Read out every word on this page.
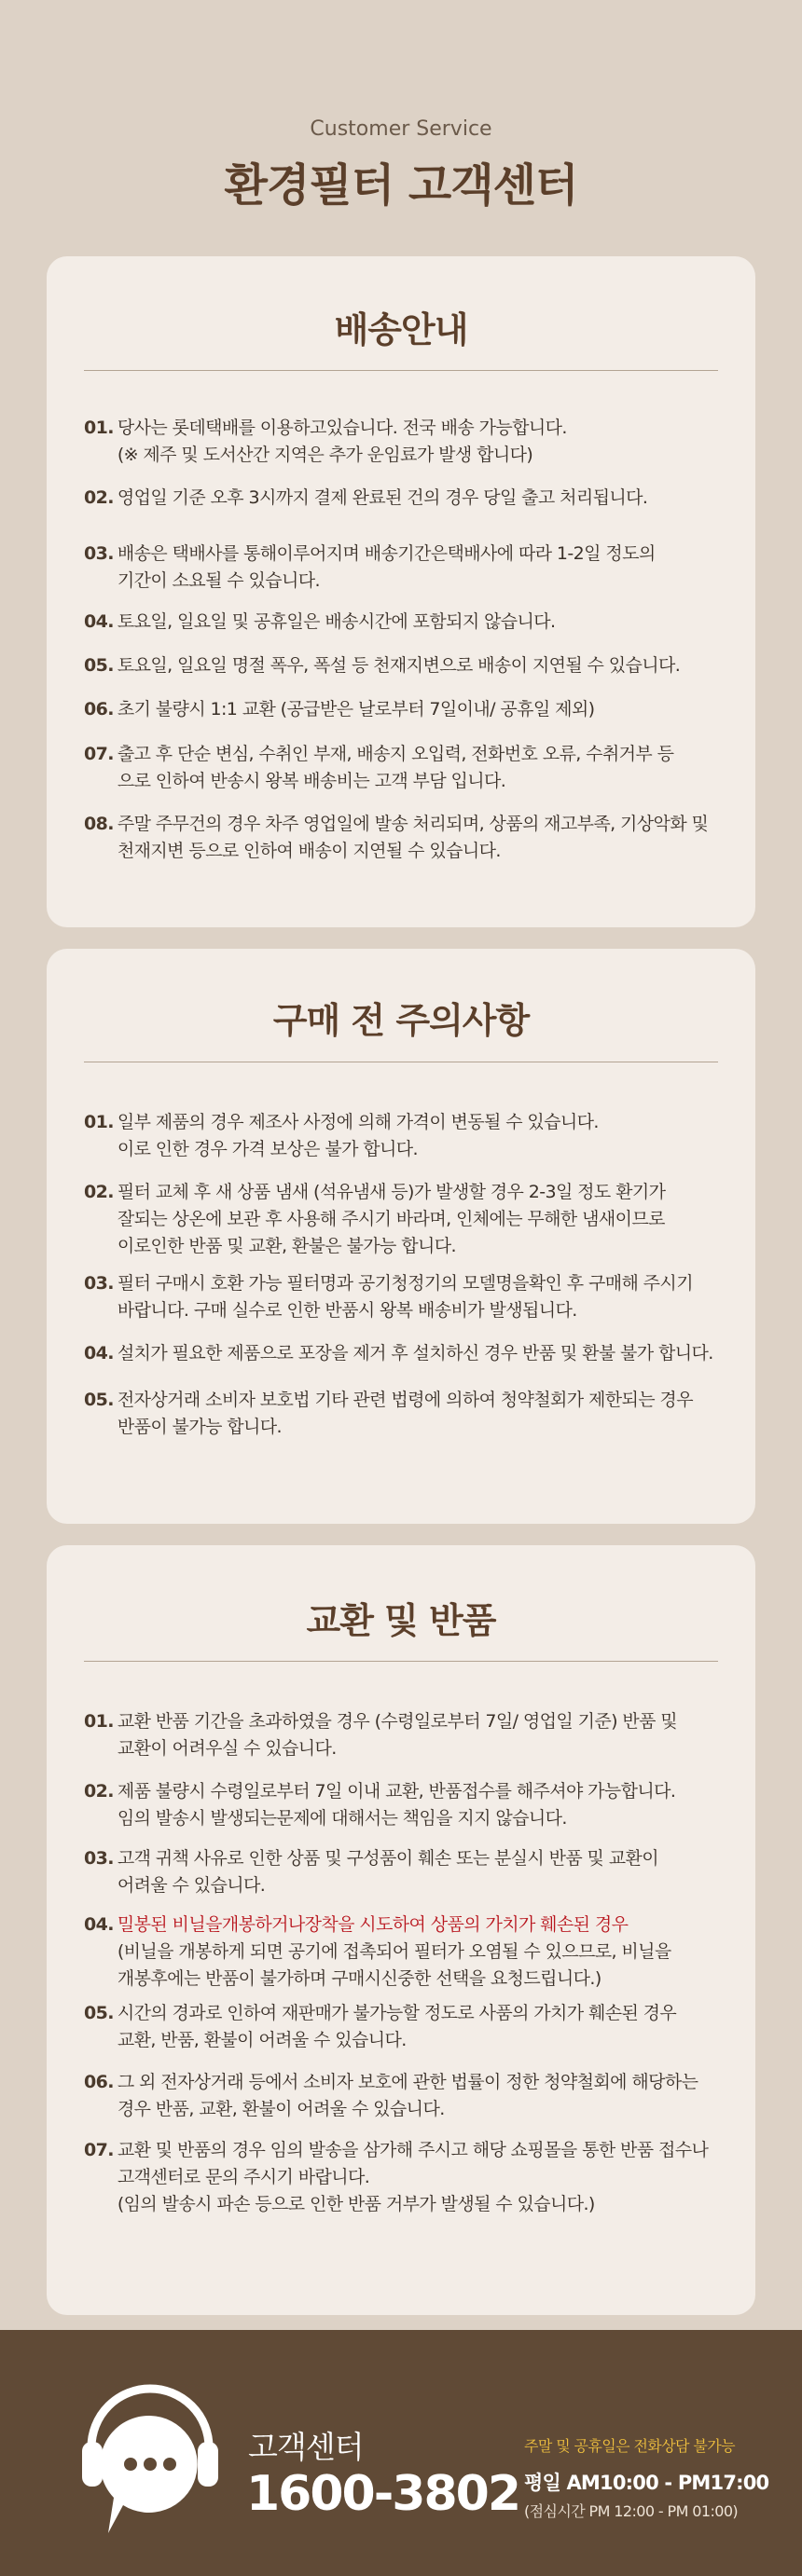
Customer Service
환경필터 고객센터
배송안내
01. 당사는 롯데택배를 이용하고있습니다. 전국 배송 가능합니다.
(※ 제주 및 도서산간 지역은 추가 운임료가 발생 합니다)
02. 영업일 기준 오후 3시까지 결제 완료된 건의 경우 당일 출고 처리됩니다.
03. 배송은 택배사를 통해이루어지며 배송기간은택배사에 따라 1-2일 정도의
기간이 소요될 수 있습니다.
04. 토요일, 일요일 및 공휴일은 배송시간에 포함되지 않습니다.
05. 토요일, 일요일 명절 폭우, 폭설 등 천재지변으로 배송이 지연될 수 있습니다.
06. 초기 불량시 1:1 교환 (공급받은 날로부터 7일이내/ 공휴일 제외)
07. 출고 후 단순 변심, 수취인 부재, 배송지 오입력, 전화번호 오류, 수취거부 등
으로 인하여 반송시 왕복 배송비는 고객 부담 입니다.
08. 주말 주무건의 경우 차주 영업일에 발송 처리되며, 상품의 재고부족, 기상악화 및
천재지변 등으로 인하여 배송이 지연될 수 있습니다.
구매 전 주의사항
01. 일부 제품의 경우 제조사 사정에 의해 가격이 변동될 수 있습니다.
이로 인한 경우 가격 보상은 불가 합니다.
02. 필터 교체 후 새 상품 냄새 (석유냄새 등)가 발생할 경우 2-3일 정도 환기가
잘되는 상온에 보관 후 사용해 주시기 바라며, 인체에는 무해한 냄새이므로
이로인한 반품 및 교환, 환불은 불가능 합니다.
03. 필터 구매시 호환 가능 필터명과 공기청정기의 모델명을확인 후 구매해 주시기
바랍니다. 구매 실수로 인한 반품시 왕복 배송비가 발생됩니다.
04. 설치가 필요한 제품으로 포장을 제거 후 설치하신 경우 반품 및 환불 불가 합니다.
05. 전자상거래 소비자 보호법 기타 관련 법령에 의하여 청약철회가 제한되는 경우
반품이 불가능 합니다.
교환 및 반품
01. 교환 반품 기간을 초과하였을 경우 (수령일로부터 7일/ 영업일 기준) 반품 및
교환이 어려우실 수 있습니다.
02. 제품 불량시 수령일로부터 7일 이내 교환, 반품접수를 해주셔야 가능합니다.
임의 발송시 발생되는문제에 대해서는 책임을 지지 않습니다.
03. 고객 귀책 사유로 인한 상품 및 구성품이 훼손 또는 분실시 반품 및 교환이
어려울 수 있습니다.
04. 밀봉된 비닐을개봉하거나장착을 시도하여 상품의 가치가 훼손된 경우
(비닐을 개봉하게 되면 공기에 접촉되어 필터가 오염될 수 있으므로, 비닐을
개봉후에는 반품이 불가하며 구매시신중한 선택을 요청드립니다.)
05. 시간의 경과로 인하여 재판매가 불가능할 정도로 사품의 가치가 훼손된 경우
교환, 반품, 환불이 어려울 수 있습니다.
06. 그 외 전자상거래 등에서 소비자 보호에 관한 법률이 정한 청약철회에 해당하는
경우 반품, 교환, 환불이 어려울 수 있습니다.
07. 교환 및 반품의 경우 임의 발송을 삼가해 주시고 해당 쇼핑몰을 통한 반품 접수나
고객센터로 문의 주시기 바랍니다.
(임의 발송시 파손 등으로 인한 반품 거부가 발생될 수 있습니다.)
고객센터
1600-3802
주말 및 공휴일은 전화상담 불가능
평일 AM10:00 - PM17:00
(점심시간 PM 12:00 - PM 01:00)
